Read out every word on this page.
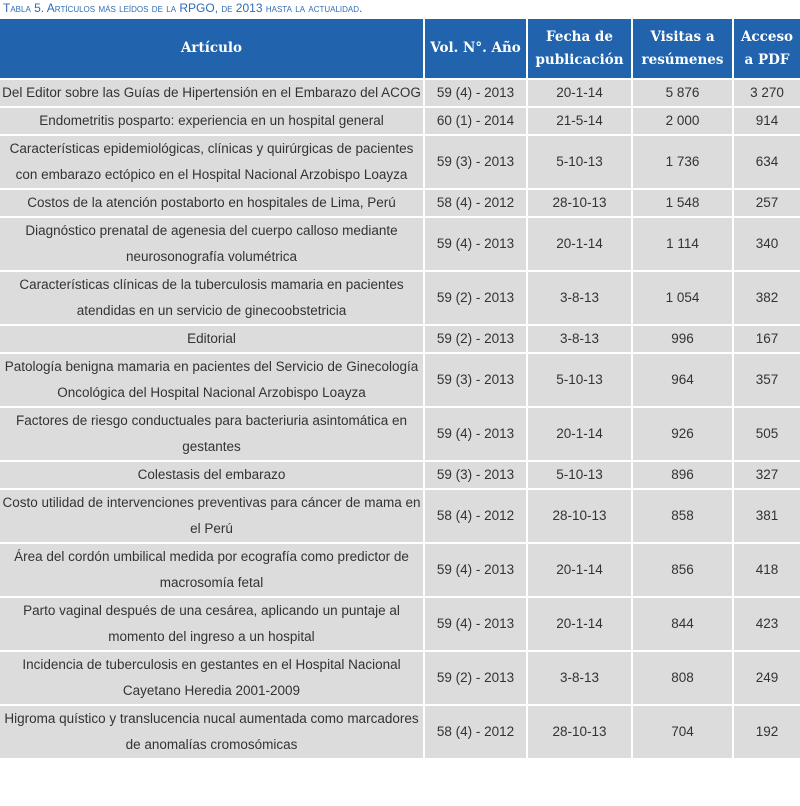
Tabla 5. Artículos más leídos de la RPGO, de 2013 hasta la actualidad.
Artículo	Vol. N°. Año	Fecha de publicación	Visitas a resúmenes	Acceso a PDF
Del Editor sobre las Guías de Hipertensión en el Embarazo del ACOG	59 (4) - 2013	20-1-14	5 876	3 270
Endometritis posparto: experiencia en un hospital general	60 (1) - 2014	21-5-14	2 000	914
Características epidemiológicas, clínicas y quirúrgicas de pacientes con embarazo ectópico en el Hospital Nacional Arzobispo Loayza	59 (3) - 2013	5-10-13	1 736	634
Costos de la atención postaborto en hospitales de Lima, Perú	58 (4) - 2012	28-10-13	1 548	257
Diagnóstico prenatal de agenesia del cuerpo calloso mediante neurosonografía volumétrica	59 (4) - 2013	20-1-14	1 114	340
Características clínicas de la tuberculosis mamaria en pacientes atendidas en un servicio de ginecoobstetricia	59 (2) - 2013	3-8-13	1 054	382
Editorial	59 (2) - 2013	3-8-13	996	167
Patología benigna mamaria en pacientes del Servicio de Ginecología Oncológica del Hospital Nacional Arzobispo Loayza	59 (3) - 2013	5-10-13	964	357
Factores de riesgo conductuales para bacteriuria asintomática en gestantes	59 (4) - 2013	20-1-14	926	505
Colestasis del embarazo	59 (3) - 2013	5-10-13	896	327
Costo utilidad de intervenciones preventivas para cáncer de mama en el Perú	58 (4) - 2012	28-10-13	858	381
Área del cordón umbilical medida por ecografía como predictor de macrosomía fetal	59 (4) - 2013	20-1-14	856	418
Parto vaginal después de una cesárea, aplicando un puntaje al momento del ingreso a un hospital	59 (4) - 2013	20-1-14	844	423
Incidencia de tuberculosis en gestantes en el Hospital Nacional Cayetano Heredia 2001-2009	59 (2) - 2013	3-8-13	808	249
Higroma quístico y translucencia nucal aumentada como marcadores de anomalías cromosómicas	58 (4) - 2012	28-10-13	704	192
